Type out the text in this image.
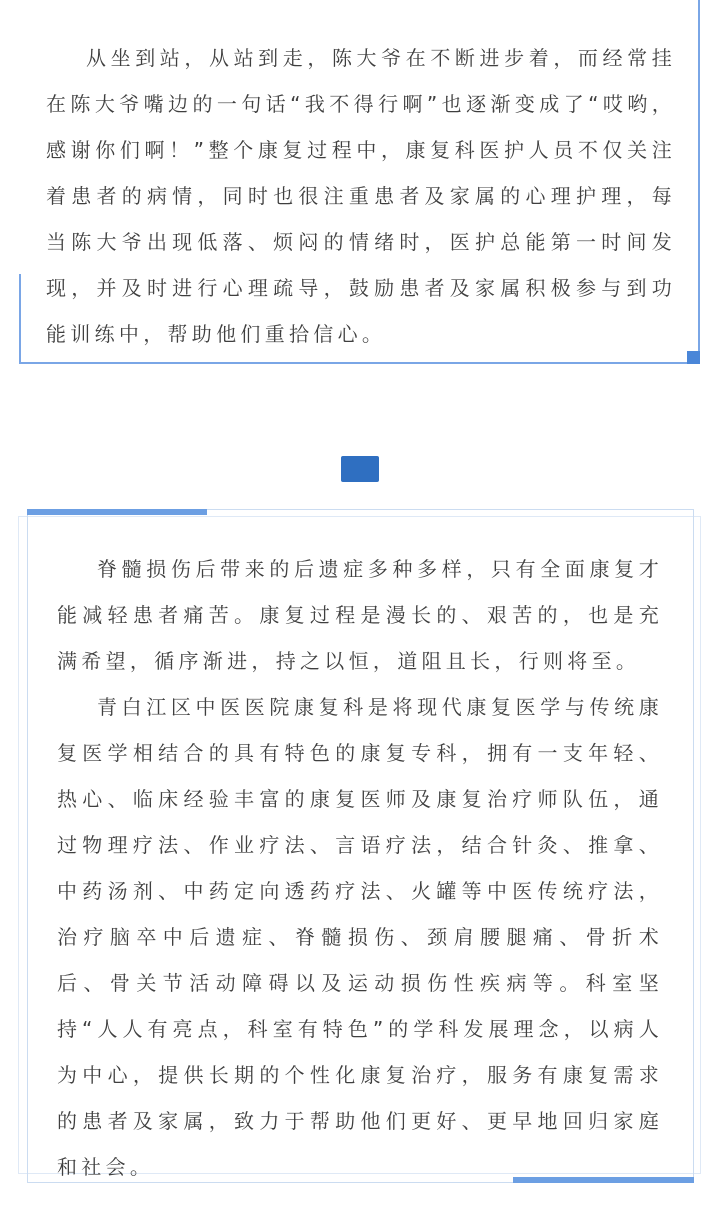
从坐到站，从站到走，陈大爷在不断进步着，而经常挂在陈大爷嘴边的一句话“我不得行啊”也逐渐变成了“哎哟，感谢你们啊！”整个康复过程中，康复科医护人员不仅关注着患者的病情，同时也很注重患者及家属的心理护理，每当陈大爷出现低落、烦闷的情绪时，医护总能第一时间发现，并及时进行心理疏导，鼓励患者及家属积极参与到功能训练中，帮助他们重拾信心。

脊髓损伤后带来的后遗症多种多样，只有全面康复才能减轻患者痛苦。康复过程是漫长的、艰苦的，也是充满希望，循序渐进，持之以恒，道阻且长，行则将至。

青白江区中医医院康复科是将现代康复医学与传统康复医学相结合的具有特色的康复专科，拥有一支年轻、热心、临床经验丰富的康复医师及康复治疗师队伍，通过物理疗法、作业疗法、言语疗法，结合针灸、推拿、中药汤剂、中药定向透药疗法、火罐等中医传统疗法，治疗脑卒中后遗症、脊髓损伤、颈肩腰腿痛、骨折术后、骨关节活动障碍以及运动损伤性疾病等。科室坚持“人人有亮点，科室有特色”的学科发展理念，以病人为中心，提供长期的个性化康复治疗，服务有康复需求的患者及家属，致力于帮助他们更好、更早地回归家庭和社会。
